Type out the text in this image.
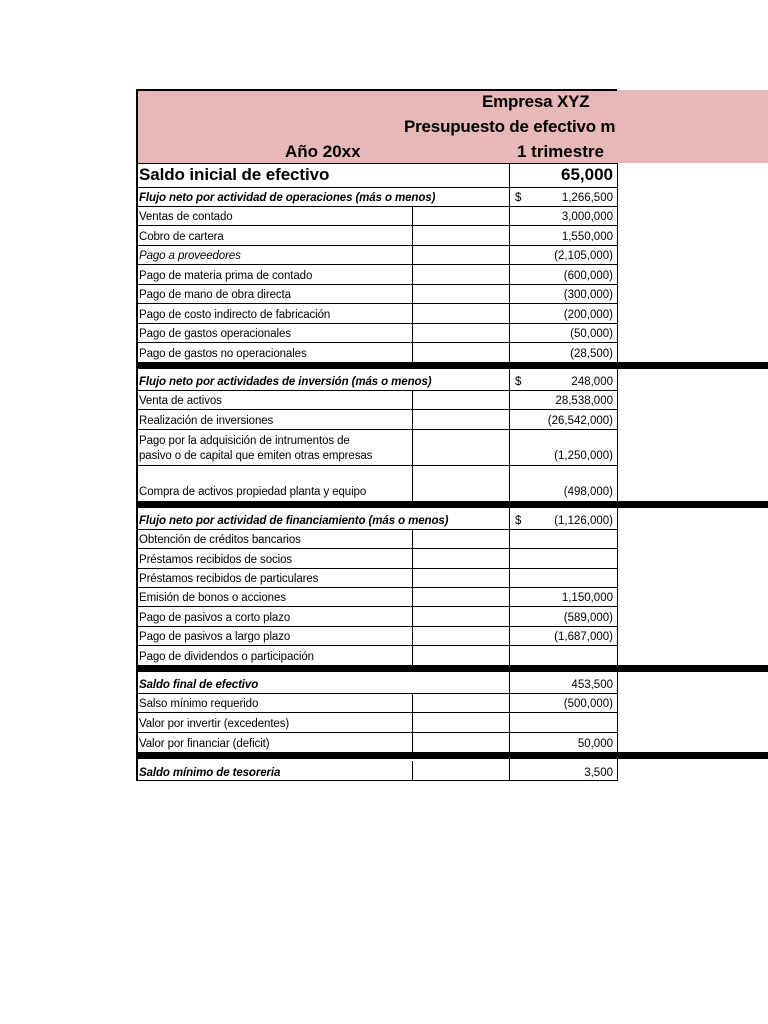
Empresa XYZ
Presupuesto de efectivo m
Año 20xx	1 trimestre
Saldo inicial de efectivo	65,000
Flujo neto por actividad de operaciones (más o menos)	$	1,266,500
Ventas de contado	3,000,000
Cobro de cartera	1,550,000
Pago a proveedores	(2,105,000)
Pago de materia prima de contado	(600,000)
Pago de mano de obra directa	(300,000)
Pago de costo indirecto de fabricación	(200,000)
Pago de gastos operacionales	(50,000)
Pago de gastos no operacionales	(28,500)
Flujo neto por actividades de inversión (más o menos)	$	248,000
Venta de activos	28,538,000
Realización de inversiones	(26,542,000)
Pago por la adquisición de intrumentos de
pasivo o de capital que emiten otras empresas	(1,250,000)
Compra de activos propiedad planta y equipo	(498,000)
Flujo neto por actividad de financiamiento (más o menos)	$	(1,126,000)
Obtención de créditos bancarios
Préstamos recibidos de socios
Préstamos recibidos de particulares
Emisión de bonos o acciones	1,150,000
Pago de pasivos a corto plazo	(589,000)
Pago de pasivos a largo plazo	(1,687,000)
Pago de dividendos o participación
Saldo final de efectivo	453,500
Salso mínimo requerido	(500,000)
Valor por invertir (excedentes)
Valor por financiar (deficit)	50,000
Saldo mínimo de tesoreria	3,500
